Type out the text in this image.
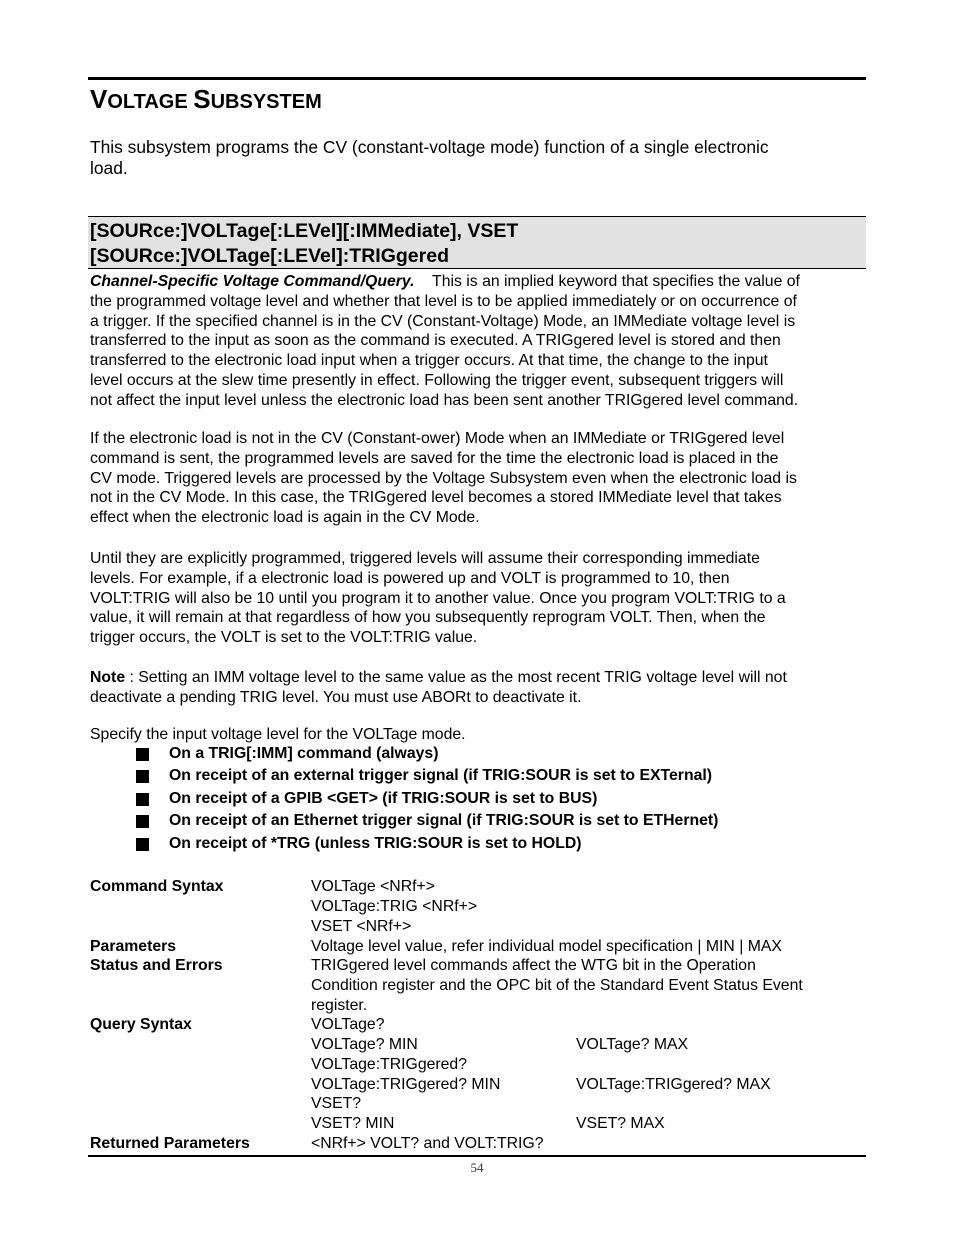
VOLTAGE SUBSYSTEM
This subsystem programs the CV (constant-voltage mode) function of a single electronic
load.
[SOURce:]VOLTage[:LEVel][:IMMediate], VSET
[SOURce:]VOLTage[:LEVel]:TRIGgered
Channel-Specific Voltage Command/Query. This is an implied keyword that specifies the value of
the programmed voltage level and whether that level is to be applied immediately or on occurrence of
a trigger. If the specified channel is in the CV (Constant-Voltage) Mode, an IMMediate voltage level is
transferred to the input as soon as the command is executed. A TRIGgered level is stored and then
transferred to the electronic load input when a trigger occurs. At that time, the change to the input
level occurs at the slew time presently in effect. Following the trigger event, subsequent triggers will
not affect the input level unless the electronic load has been sent another TRIGgered level command.
If the electronic load is not in the CV (Constant-ower) Mode when an IMMediate or TRIGgered level
command is sent, the programmed levels are saved for the time the electronic load is placed in the
CV mode. Triggered levels are processed by the Voltage Subsystem even when the electronic load is
not in the CV Mode. In this case, the TRIGgered level becomes a stored IMMediate level that takes
effect when the electronic load is again in the CV Mode.
Until they are explicitly programmed, triggered levels will assume their corresponding immediate
levels. For example, if a electronic load is powered up and VOLT is programmed to 10, then
VOLT:TRIG will also be 10 until you program it to another value. Once you program VOLT:TRIG to a
value, it will remain at that regardless of how you subsequently reprogram VOLT. Then, when the
trigger occurs, the VOLT is set to the VOLT:TRIG value.
Note : Setting an IMM voltage level to the same value as the most recent TRIG voltage level will not
deactivate a pending TRIG level. You must use ABORt to deactivate it.
Specify the input voltage level for the VOLTage mode.
On a TRIG[:IMM] command (always)
On receipt of an external trigger signal (if TRIG:SOUR is set to EXTernal)
On receipt of a GPIB <GET> (if TRIG:SOUR is set to BUS)
On receipt of an Ethernet trigger signal (if TRIG:SOUR is set to ETHernet)
On receipt of *TRG (unless TRIG:SOUR is set to HOLD)
Command Syntax	VOLTage <NRf+>
VOLTage:TRIG <NRf+>
VSET <NRf+>
Parameters	Voltage level value, refer individual model specification | MIN | MAX
Status and Errors	TRIGgered level commands affect the WTG bit in the Operation
Condition register and the OPC bit of the Standard Event Status Event
register.
Query Syntax	VOLTage?
VOLTage? MIN	VOLTage? MAX
VOLTage:TRIGgered?
VOLTage:TRIGgered? MIN	VOLTage:TRIGgered? MAX
VSET?
VSET? MIN	VSET? MAX
Returned Parameters	<NRf+> VOLT? and VOLT:TRIG?
54
